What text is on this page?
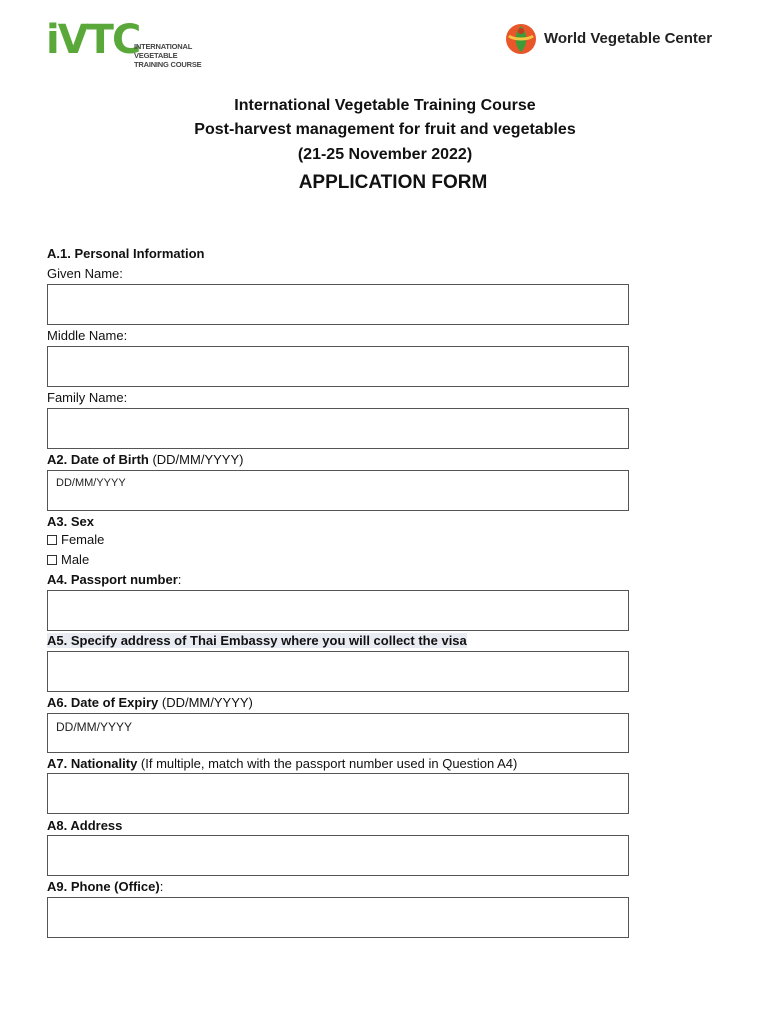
iVTC
INTERNATIONAL VEGETABLE
TRAINING COURSE
World Vegetable Center
International Vegetable Training Course
Post-harvest management for fruit and vegetables
(21-25 November 2022)
APPLICATION FORM
A.1. Personal Information
Given Name:
Middle Name:
Family Name:
A2. Date of Birth (DD/MM/YYYY)
DD/MM/YYYY
A3. Sex
Female
Male
A4. Passport number:
A5. Specify address of Thai Embassy where you will collect the visa
A6. Date of Expiry (DD/MM/YYYY)
DD/MM/YYYY
A7. Nationality (If multiple, match with the passport number used in Question A4)
A8. Address
A9. Phone (Office):
